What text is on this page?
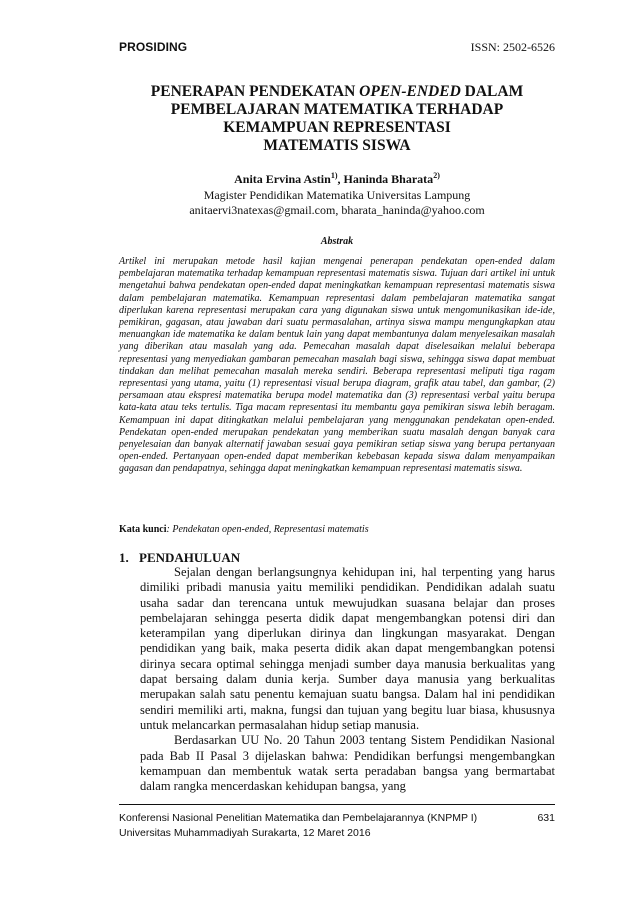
PROSIDING	ISSN: 2502-6526
PENERAPAN PENDEKATAN OPEN-ENDED DALAM
PEMBELAJARAN MATEMATIKA TERHADAP
KEMAMPUAN REPRESENTASI
MATEMATIS SISWA
Anita Ervina Astin$^{1)}$, Haninda Bharata$^{2)}$
Magister Pendidikan Matematika Universitas Lampung
anitaervi3natexas@gmail.com, bharata_haninda@yahoo.com
Abstrak
Artikel ini merupakan metode hasil kajian mengenai penerapan pendekatan open-ended dalam pembelajaran matematika terhadap kemampuan representasi matematis siswa. Tujuan dari artikel ini untuk mengetahui bahwa pendekatan open-ended dapat meningkatkan kemampuan representasi matematis siswa dalam pembelajaran matematika. Kemampuan representasi dalam pembelajaran matematika sangat diperlukan karena representasi merupakan cara yang digunakan siswa untuk mengomunikasikan ide-ide, pemikiran, gagasan, atau jawaban dari suatu permasalahan, artinya siswa mampu mengungkapkan atau menuangkan ide matematika ke dalam bentuk lain yang dapat membantunya dalam menyelesaikan masalah yang diberikan atau masalah yang ada. Pemecahan masalah dapat diselesaikan melalui beberapa representasi yang menyediakan gambaran pemecahan masalah bagi siswa, sehingga siswa dapat membuat tindakan dan melihat pemecahan masalah mereka sendiri. Beberapa representasi meliputi tiga ragam representasi yang utama, yaitu (1) representasi visual berupa diagram, grafik atau tabel, dan gambar, (2) persamaan atau ekspresi matematika berupa model matematika dan (3) representasi verbal yaitu berupa kata-kata atau teks tertulis. Tiga macam representasi itu membantu gaya pemikiran siswa lebih beragam. Kemampuan ini dapat ditingkatkan melalui pembelajaran yang menggunakan pendekatan open-ended. Pendekatan open-ended merupakan pendekatan yang memberikan suatu masalah dengan banyak cara penyelesaian dan banyak alternatif jawaban sesuai gaya pemikiran setiap siswa yang berupa pertanyaan open-ended. Pertanyaan open-ended dapat memberikan kebebasan kepada siswa dalam menyampaikan gagasan dan pendapatnya, sehingga dapat meningkatkan kemampuan representasi matematis siswa.
Kata kunci: Pendekatan open-ended, Representasi matematis
1. PENDAHULUAN

Sejalan dengan berlangsungnya kehidupan ini, hal terpenting yang harus dimiliki pribadi manusia yaitu memiliki pendidikan. Pendidikan adalah suatu usaha sadar dan terencana untuk mewujudkan suasana belajar dan proses pembelajaran sehingga peserta didik dapat mengembangkan potensi diri dan keterampilan yang diperlukan dirinya dan lingkungan masyarakat. Dengan pendidikan yang baik, maka peserta didik akan dapat mengembangkan potensi dirinya secara optimal sehingga menjadi sumber daya manusia berkualitas yang dapat bersaing dalam dunia kerja. Sumber daya manusia yang berkualitas merupakan salah satu penentu kemajuan suatu bangsa. Dalam hal ini pendidikan sendiri memiliki arti, makna, fungsi dan tujuan yang begitu luar biasa, khususnya untuk melancarkan permasalahan hidup setiap manusia.

Berdasarkan UU No. 20 Tahun 2003 tentang Sistem Pendidikan Nasional pada Bab II Pasal 3 dijelaskan bahwa: Pendidikan berfungsi mengembangkan kemampuan dan membentuk watak serta peradaban bangsa yang bermartabat dalam rangka mencerdaskan kehidupan bangsa, yang

Konferensi Nasional Penelitian Matematika dan Pembelajarannya (KNPMP I)	631
Universitas Muhammadiyah Surakarta, 12 Maret 2016
